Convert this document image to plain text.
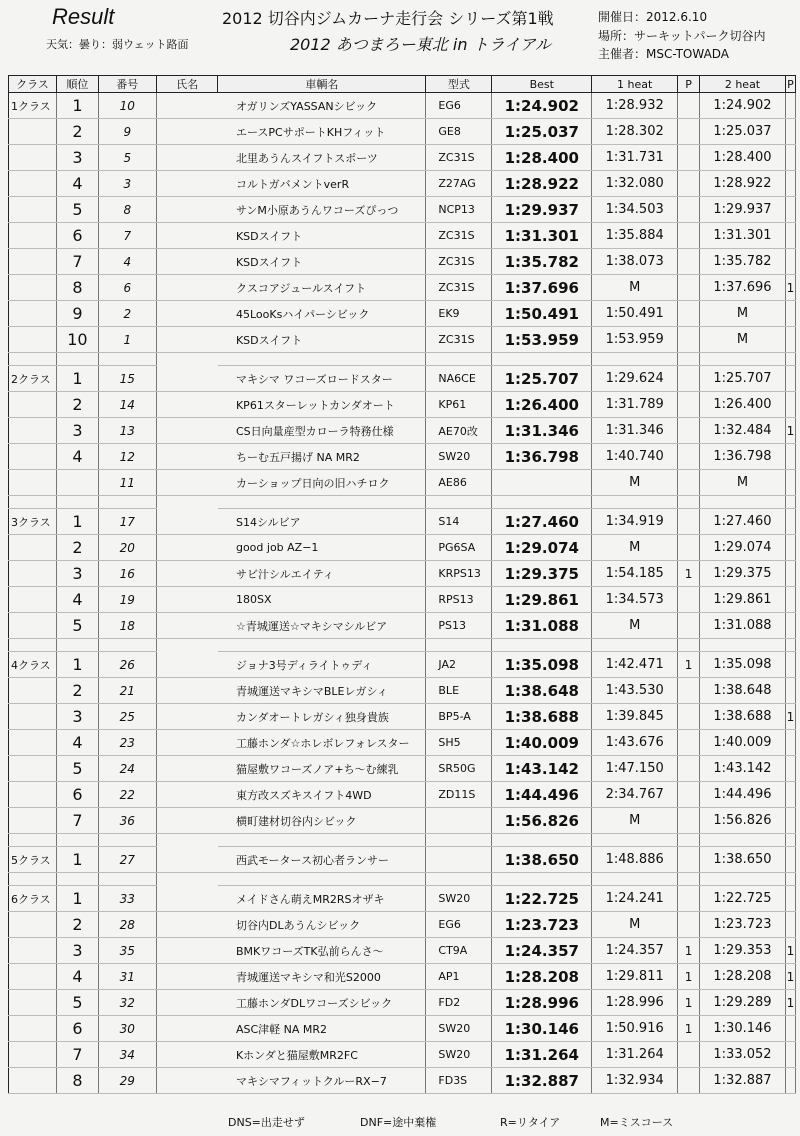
Result
天気：曇り：弱ウェット路面
2012 切谷内ジムカーナ走行会 シリーズ第1戦
2012 あつまろー東北 in トライアル
開催日：2012.6.10
場所：サーキットパーク切谷内
主催者：MSC-TOWADA
クラス	順位	番号	氏名	車輌名	型式	Best	1 heat	P	2 heat	P
1クラス	1	10		オガリンズYASSANシビック	EG6	1:24.902	1:28.932		1:24.902	
	2	9		エースPCサポートKHフィット	GE8	1:25.037	1:28.302		1:25.037	
	3	5		北里あうんスイフトスポーツ	ZC31S	1:28.400	1:31.731		1:28.400	
	4	3		コルトガバメントverR	Z27AG	1:28.922	1:32.080		1:28.922	
	5	8		サンM小原あうんワコーズぴっつ	NCP13	1:29.937	1:34.503		1:29.937	
	6	7		KSDスイフト	ZC31S	1:31.301	1:35.884		1:31.301	
	7	4		KSDスイフト	ZC31S	1:35.782	1:38.073		1:35.782	
	8	6		クスコアジュールスイフト	ZC31S	1:37.696	M		1:37.696	1
	9	2		45LooKsハイパーシビック	EK9	1:50.491	1:50.491		M	
	10	1		KSDスイフト	ZC31S	1:53.959	1:53.959		M	

2クラス	1	15		マキシマ ワコーズロードスター	NA6CE	1:25.707	1:29.624		1:25.707	
	2	14		KP61スターレットカンダオート	KP61	1:26.400	1:31.789		1:26.400	
	3	13		CS日向量産型カローラ特務仕様	AE70改	1:31.346	1:31.346		1:32.484	1
	4	12		ちーむ五戸揚げ NA MR2	SW20	1:36.798	1:40.740		1:36.798	
		11		カーショップ日向の旧ハチロク	AE86		M		M	

3クラス	1	17		S14シルビア	S14	1:27.460	1:34.919		1:27.460	
	2	20		good job AZ−1	PG6SA	1:29.074	M		1:29.074	
	3	16		サビ汁シルエイティ	KRPS13	1:29.375	1:54.185	1	1:29.375	
	4	19		180SX	RPS13	1:29.861	1:34.573		1:29.861	
	5	18		☆青城運送☆マキシマシルビア	PS13	1:31.088	M		1:31.088	

4クラス	1	26		ジョナ3号ディライトゥディ	JA2	1:35.098	1:42.471	1	1:35.098	
	2	21		青城運送マキシマBLEレガシィ	BLE	1:38.648	1:43.530		1:38.648	
	3	25		カンダオートレガシィ独身貴族	BP5-A	1:38.688	1:39.845		1:38.688	1
	4	23		工藤ホンダ☆ホレボレフォレスター	SH5	1:40.009	1:43.676		1:40.009	
	5	24		猫屋敷ワコーズノア+ち〜む練乳	SR50G	1:43.142	1:47.150		1:43.142	
	6	22		東方改スズキスイフト4WD	ZD11S	1:44.496	2:34.767		1:44.496	
	7	36		横町建材切谷内シビック		1:56.826	M		1:56.826	

5クラス	1	27		西武モータース初心者ランサー		1:38.650	1:48.886		1:38.650	

6クラス	1	33		メイドさん萌えMR2RSオザキ	SW20	1:22.725	1:24.241		1:22.725	
	2	28		切谷内DLあうんシビック	EG6	1:23.723	M		1:23.723	
	3	35		BMKワコーズTK弘前らんさ〜	CT9A	1:24.357	1:24.357	1	1:29.353	1
	4	31		青城運送マキシマ和光S2000	AP1	1:28.208	1:29.811	1	1:28.208	1
	5	32		工藤ホンダDLワコーズシビック	FD2	1:28.996	1:28.996	1	1:29.289	1
	6	30		ASC津軽 NA MR2	SW20	1:30.146	1:50.916	1	1:30.146	
	7	34		Kホンダと猫屋敷MR2FC	SW20	1:31.264	1:31.264		1:33.052	
	8	29		マキシマフィットクルーRX−7	FD3S	1:32.887	1:32.934		1:32.887	
DNS=出走せず	DNF=途中棄権	R=リタイア	M=ミスコース
